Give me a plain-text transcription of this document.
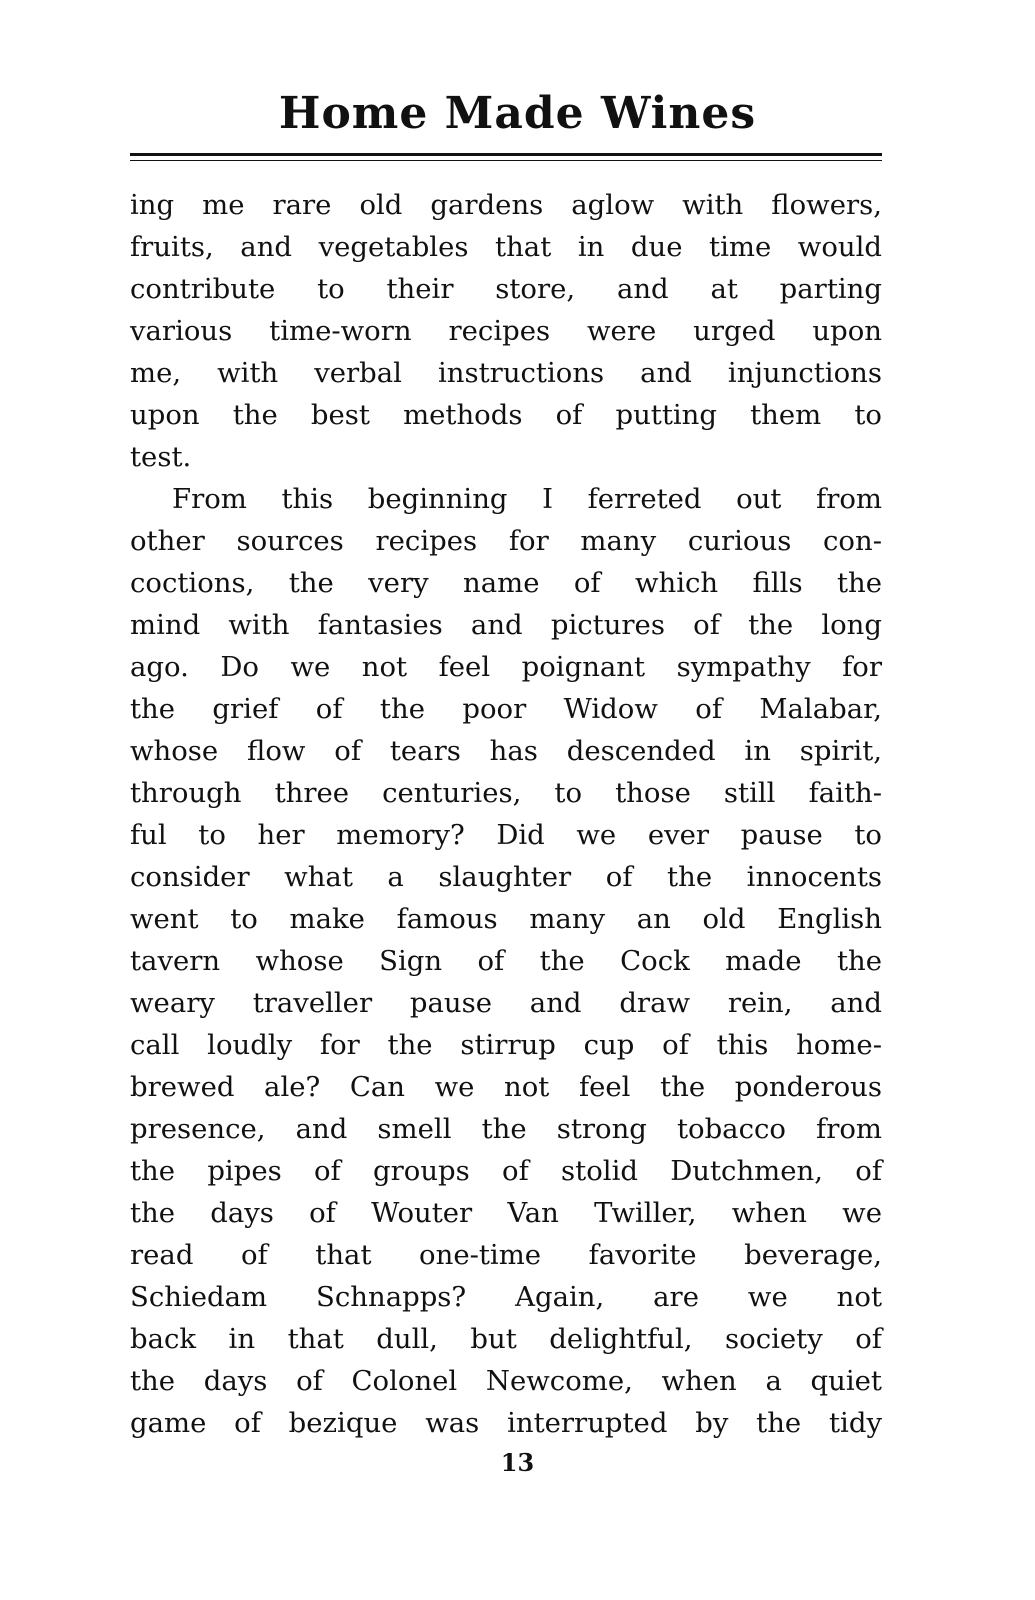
Home Made Wines
ing me rare old gardens aglow with flowers,
fruits, and vegetables that in due time would
contribute to their store, and at parting
various time-worn recipes were urged upon
me, with verbal instructions and injunctions
upon the best methods of putting them to
test.
From this beginning I ferreted out from
other sources recipes for many curious con-
coctions, the very name of which fills the
mind with fantasies and pictures of the long
ago. Do we not feel poignant sympathy for
the grief of the poor Widow of Malabar,
whose flow of tears has descended in spirit,
through three centuries, to those still faith-
ful to her memory? Did we ever pause to
consider what a slaughter of the innocents
went to make famous many an old English
tavern whose Sign of the Cock made the
weary traveller pause and draw rein, and
call loudly for the stirrup cup of this home-
brewed ale? Can we not feel the ponderous
presence, and smell the strong tobacco from
the pipes of groups of stolid Dutchmen, of
the days of Wouter Van Twiller, when we
read of that one-time favorite beverage,
Schiedam Schnapps? Again, are we not
back in that dull, but delightful, society of
the days of Colonel Newcome, when a quiet
game of bezique was interrupted by the tidy
13
